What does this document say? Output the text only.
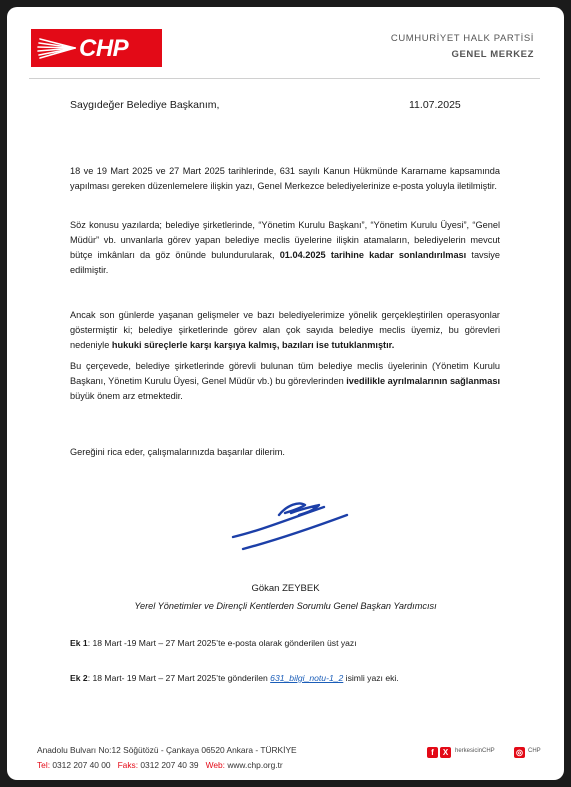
CHP	CUMHURİYET HALK PARTİSİ
GENEL MERKEZ
Saygıdeğer Belediye Başkanım,	11.07.2025
18 ve 19 Mart 2025 ve 27 Mart 2025 tarihlerinde, 631 sayılı Kanun Hükmünde Kararname kapsamında yapılması gereken düzenlemelere ilişkin yazı, Genel Merkezce belediyelerinize e-posta yoluyla iletilmiştir.
Söz konusu yazılarda; belediye şirketlerinde, “Yönetim Kurulu Başkanı”, “Yönetim Kurulu Üyesi”, “Genel Müdür” vb. unvanlarla görev yapan belediye meclis üyelerine ilişkin atamaların, belediyelerin mevcut bütçe imkânları da göz önünde bulundurularak, 01.04.2025 tarihine kadar sonlandırılması tavsiye edilmiştir.
Ancak son günlerde yaşanan gelişmeler ve bazı belediyelerimize yönelik gerçekleştirilen operasyonlar göstermiştir ki; belediye şirketlerinde görev alan çok sayıda belediye meclis üyemiz, bu görevleri nedeniyle hukuki süreçlerle karşı karşıya kalmış, bazıları ise tutuklanmıştır.
Bu çerçevede, belediye şirketlerinde görevli bulunan tüm belediye meclis üyelerinin (Yönetim Kurulu Başkanı, Yönetim Kurulu Üyesi, Genel Müdür vb.) bu görevlerinden ivedilikle ayrılmalarının sağlanması büyük önem arz etmektedir.
Gereğini rica eder, çalışmalarınızda başarılar dilerim.
Gökan ZEYBEK
Yerel Yönetimler ve Dirençli Kentlerden Sorumlu Genel Başkan Yardımcısı
Ek 1: 18 Mart -19 Mart – 27 Mart 2025’te e-posta olarak gönderilen üst yazı
Ek 2: 18 Mart- 19 Mart – 27 Mart 2025’te gönderilen 631_bilgi_notu-1_2 isimli yazı eki.
Anadolu Bulvarı No:12 Söğütözü - Çankaya 06520 Ankara - TÜRKİYE
Tel: 0312 207 40 00 Faks: 0312 207 40 39 Web: www.chp.org.tr
f	X	herkesicinCHP	◎ CHP
